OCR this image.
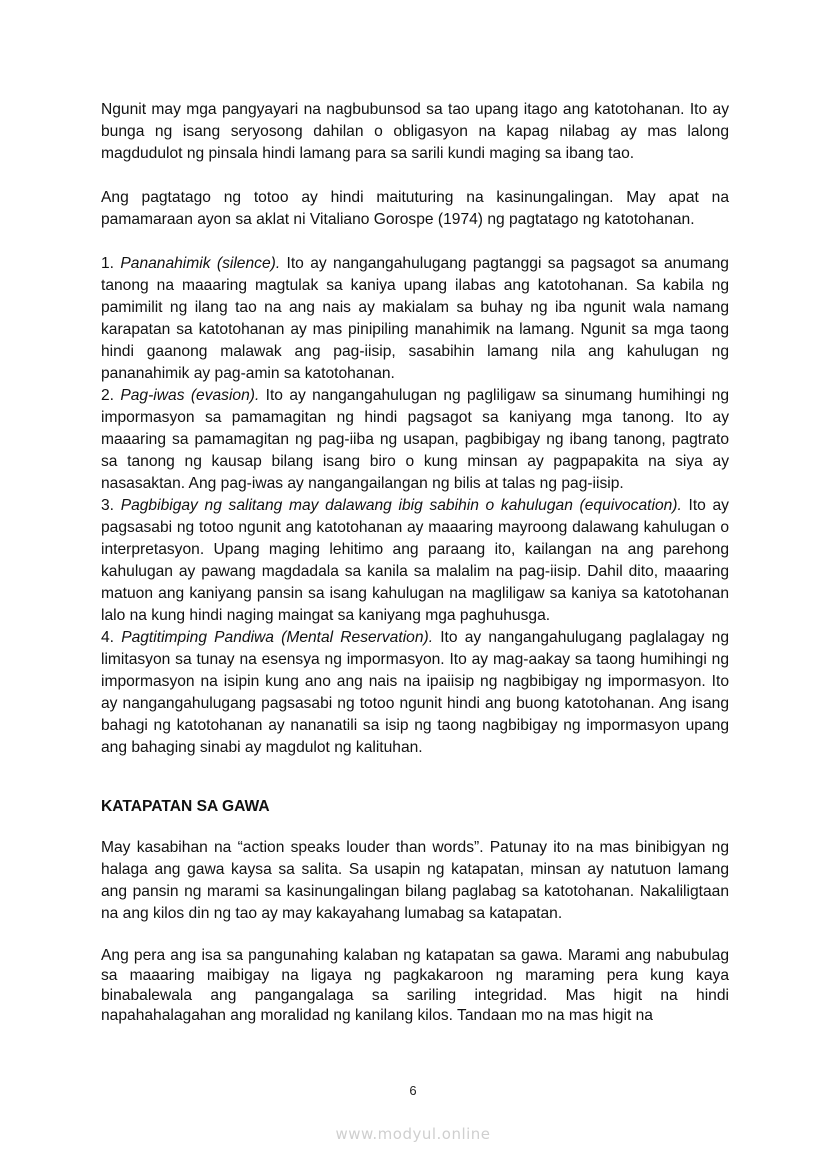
Ngunit may mga pangyayari na nagbubunsod sa tao upang itago ang katotohanan. Ito ay bunga ng isang seryosong dahilan o obligasyon na kapag nilabag ay mas lalong magdudulot ng pinsala hindi lamang para sa sarili kundi maging sa ibang tao.

Ang pagtatago ng totoo ay hindi maituturing na kasinungalingan. May apat na pamamaraan ayon sa aklat ni Vitaliano Gorospe (1974) ng pagtatago ng katotohanan.

1. Pananahimik (silence). Ito ay nangangahulugang pagtanggi sa pagsagot sa anumang tanong na maaaring magtulak sa kaniya upang ilabas ang katotohanan. Sa kabila ng pamimilit ng ilang tao na ang nais ay makialam sa buhay ng iba ngunit wala namang karapatan sa katotohanan ay mas pinipiling manahimik na lamang. Ngunit sa mga taong hindi gaanong malawak ang pag-iisip, sasabihin lamang nila ang kahulugan ng pananahimik ay pag-amin sa katotohanan.

2. Pag-iwas (evasion). Ito ay nangangahulugan ng pagliligaw sa sinumang humihingi ng impormasyon sa pamamagitan ng hindi pagsagot sa kaniyang mga tanong. Ito ay maaaring sa pamamagitan ng pag-iiba ng usapan, pagbibigay ng ibang tanong, pagtrato sa tanong ng kausap bilang isang biro o kung minsan ay pagpapakita na siya ay nasasaktan. Ang pag-iwas ay nangangailangan ng bilis at talas ng pag-iisip.

3. Pagbibigay ng salitang may dalawang ibig sabihin o kahulugan (equivocation). Ito ay pagsasabi ng totoo ngunit ang katotohanan ay maaaring mayroong dalawang kahulugan o interpretasyon. Upang maging lehitimo ang paraang ito, kailangan na ang parehong kahulugan ay pawang magdadala sa kanila sa malalim na pag-iisip. Dahil dito, maaaring matuon ang kaniyang pansin sa isang kahulugan na magliligaw sa kaniya sa katotohanan lalo na kung hindi naging maingat sa kaniyang mga paghuhusga.

4. Pagtitimping Pandiwa (Mental Reservation). Ito ay nangangahulugang paglalagay ng limitasyon sa tunay na esensya ng impormasyon. Ito ay mag-aakay sa taong humihingi ng impormasyon na isipin kung ano ang nais na ipaiisip ng nagbibigay ng impormasyon. Ito ay nangangahulugang pagsasabi ng totoo ngunit hindi ang buong katotohanan. Ang isang bahagi ng katotohanan ay nananatili sa isip ng taong nagbibigay ng impormasyon upang ang bahaging sinabi ay magdulot ng kalituhan.

KATAPATAN SA GAWA

May kasabihan na “action speaks louder than words”. Patunay ito na mas binibigyan ng halaga ang gawa kaysa sa salita. Sa usapin ng katapatan, minsan ay natutuon lamang ang pansin ng marami sa kasinungalingan bilang paglabag sa katotohanan. Nakaliligtaan na ang kilos din ng tao ay may kakayahang lumabag sa katapatan.

Ang pera ang isa sa pangunahing kalaban ng katapatan sa gawa. Marami ang nabubulag sa maaaring maibigay na ligaya ng pagkakaroon ng maraming pera kung kaya binabalewala ang pangangalaga sa sariling integridad. Mas higit na hindi napahahalagahan ang moralidad ng kanilang kilos. Tandaan mo na mas higit na

6
www.modyul.online
